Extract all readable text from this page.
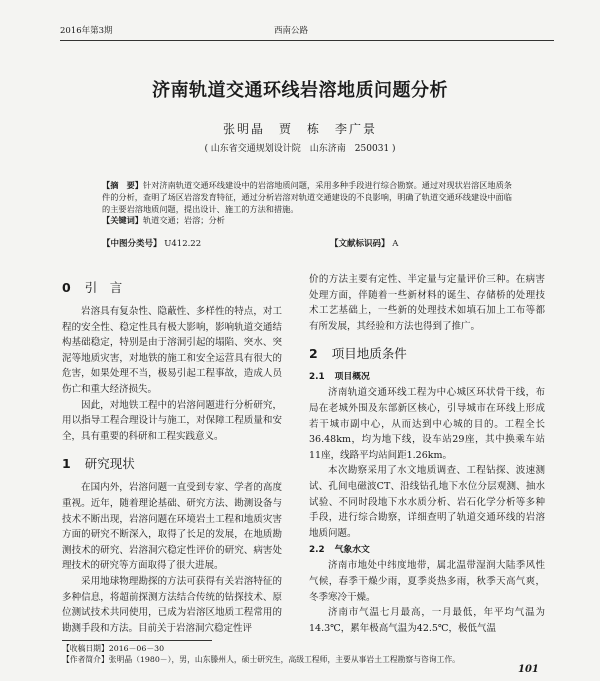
2016年第3期	西南公路
济南轨道交通环线岩溶地质问题分析
张明晶　贾　栋　李广景
( 山东省交通规划设计院　山东济南　250031 )

【摘　要】针对济南轨道交通环线建设中的岩溶地质问题，采用多种手段进行综合勘察。通过对现状岩溶区地质条件的分析，查明了场区岩溶发育特征，通过分析岩溶对轨道交通建设的不良影响，明确了轨道交通环线建设中面临的主要岩溶地质问题，提出设计、施工的方法和措施。

【关键词】轨道交通；岩溶；分析

【中图分类号】 U412.22	【文献标识码】 A
0 引　言

岩溶具有复杂性、隐蔽性、多样性的特点，对工程的安全性、稳定性具有极大影响，影响轨道交通结构基础稳定，特别是由于溶洞引起的塌陷、突水、突泥等地质灾害，对地铁的施工和安全运营具有很大的危害，如果处理不当，极易引起工程事故，造成人员伤亡和重大经济损失。

因此，对地铁工程中的岩溶问题进行分析研究，用以指导工程合理设计与施工，对保障工程质量和安全，具有重要的科研和工程实践意义。

1 研究现状

在国内外，岩溶问题一直受到专家、学者的高度重视。近年，随着理论基础、研究方法、勘测设备与技术不断出现，岩溶问题在环境岩土工程和地质灾害方面的研究不断深入，取得了长足的发展，在地质勘测技术的研究、岩溶洞穴稳定性评价的研究、病害处理技术的研究等方面取得了很大进展。

采用地球物理勘探的方法可获得有关岩溶特征的多种信息，将超前探测方法结合传统的钻探技术、原位测试技术共同使用，已成为岩溶区地质工程常用的勘测手段和方法。目前关于岩溶洞穴稳定性评

价的方法主要有定性、半定量与定量评价三种。在病害处理方面，伴随着一些新材料的诞生、存储桥的处理技术工艺基础上，一些新的处理技术如填石加上工布等都有所发展，其经验和方法也得到了推广。

2 项目地质条件
2.1 项目概况

济南轨道交通环线工程为中心城区环状骨干线，布局在老城外围及东部新区核心，引导城市在环线上形成若干城市副中心，从而达到中心城的目的。工程全长36.48km，均为地下线，设车站29座，其中换乘车站11座，线路平均站间距1.26km。

本次勘察采用了水文地质调查、工程钻探、波速测试、孔间电磁波CT、沿线钻孔地下水位分层观测、抽水试验、不同时段地下水水质分析、岩石化学分析等多种手段，进行综合勘察，详细查明了轨道交通环线的岩溶地质问题。

2.2 气象水文

济南市地处中纬度地带，属北温带湿润大陆季风性气候，春季干燥少雨，夏季炎热多雨，秋季天高气爽，冬季寒冷干燥。

济南市气温七月最高，一月最低，年平均气温为14.3℃，累年极高气温为42.5℃，极低气温

【收稿日期】2016－06－30
【作者简介】张明晶（1980－），男，山东滕州人，硕士研究生，高级工程师，主要从事岩土工程勘察与咨询工作。
101
